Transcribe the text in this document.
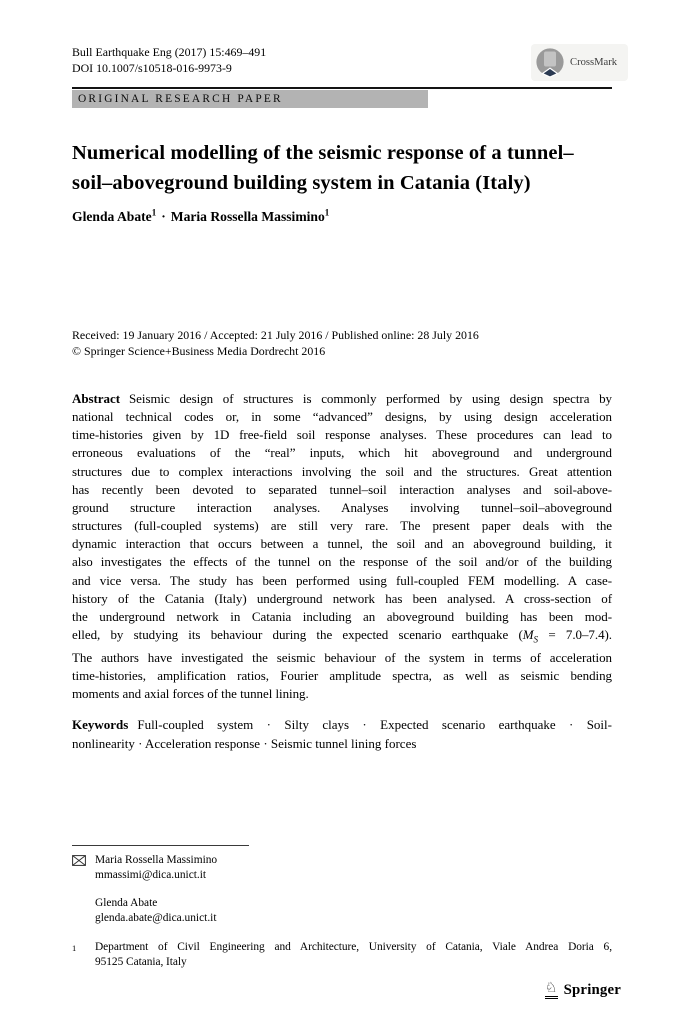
Bull Earthquake Eng (2017) 15:469–491
DOI 10.1007/s10518-016-9973-9	CrossMark
ORIGINAL RESEARCH PAPER
Numerical modelling of the seismic response of a tunnel–
soil–aboveground building system in Catania (Italy)
Glenda Abate$^1$ · Maria Rossella Massimino$^1$
Received: 19 January 2016 / Accepted: 21 July 2016 / Published online: 28 July 2016
© Springer Science+Business Media Dordrecht 2016
Abstract Seismic design of structures is commonly performed by using design spectra by
national technical codes or, in some “advanced” designs, by using design acceleration
time-histories given by 1D free-field soil response analyses. These procedures can lead to
erroneous evaluations of the “real” inputs, which hit aboveground and underground
structures due to complex interactions involving the soil and the structures. Great attention
has recently been devoted to separated tunnel–soil interaction analyses and soil-above-
ground structure interaction analyses. Analyses involving tunnel–soil–aboveground
structures (full-coupled systems) are still very rare. The present paper deals with the
dynamic interaction that occurs between a tunnel, the soil and an aboveground building, it
also investigates the effects of the tunnel on the response of the soil and/or of the building
and vice versa. The study has been performed using full-coupled FEM modelling. A case-
history of the Catania (Italy) underground network has been analysed. A cross-section of
the underground network in Catania including an aboveground building has been mod-
elled, by studying its behaviour during the expected scenario earthquake $(M_S = 7.0-7.4)$.
The authors have investigated the seismic behaviour of the system in terms of acceleration
time-histories, amplification ratios, Fourier amplitude spectra, as well as seismic bending
moments and axial forces of the tunnel lining.
Keywords Full-coupled system · Silty clays · Expected scenario earthquake · Soil-
nonlinearity · Acceleration response · Seismic tunnel lining forces
Maria Rossella Massimino
mmassimi@dica.unict.it
Glenda Abate
glenda.abate@dica.unict.it
1	Department of Civil Engineering and Architecture, University of Catania, Viale Andrea Doria 6,
95125 Catania, Italy
♘ Springer
